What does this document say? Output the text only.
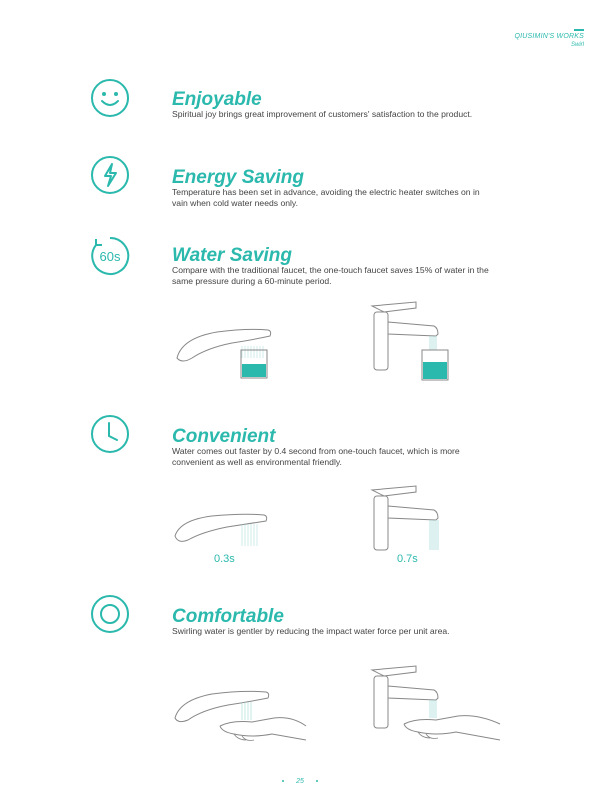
QIUSIMIN'S WORKS
Swirl
Enjoyable

Spiritual joy brings great improvement of customers' satisfaction to the product.

Energy Saving

Temperature has been set in advance, avoiding the electric heater switches on in vain when cold water needs only.

60s	Water Saving

Compare with the traditional faucet, the one-touch faucet saves 15% of water in the same pressure during a 60-minute period.

Convenient

Water comes out faster by 0.4 second from one-touch faucet, which is more convenient as well as environmental friendly.

0.3s	0.7s
Comfortable

Swirling water is gentler by reducing the impact water force per unit area.

25
